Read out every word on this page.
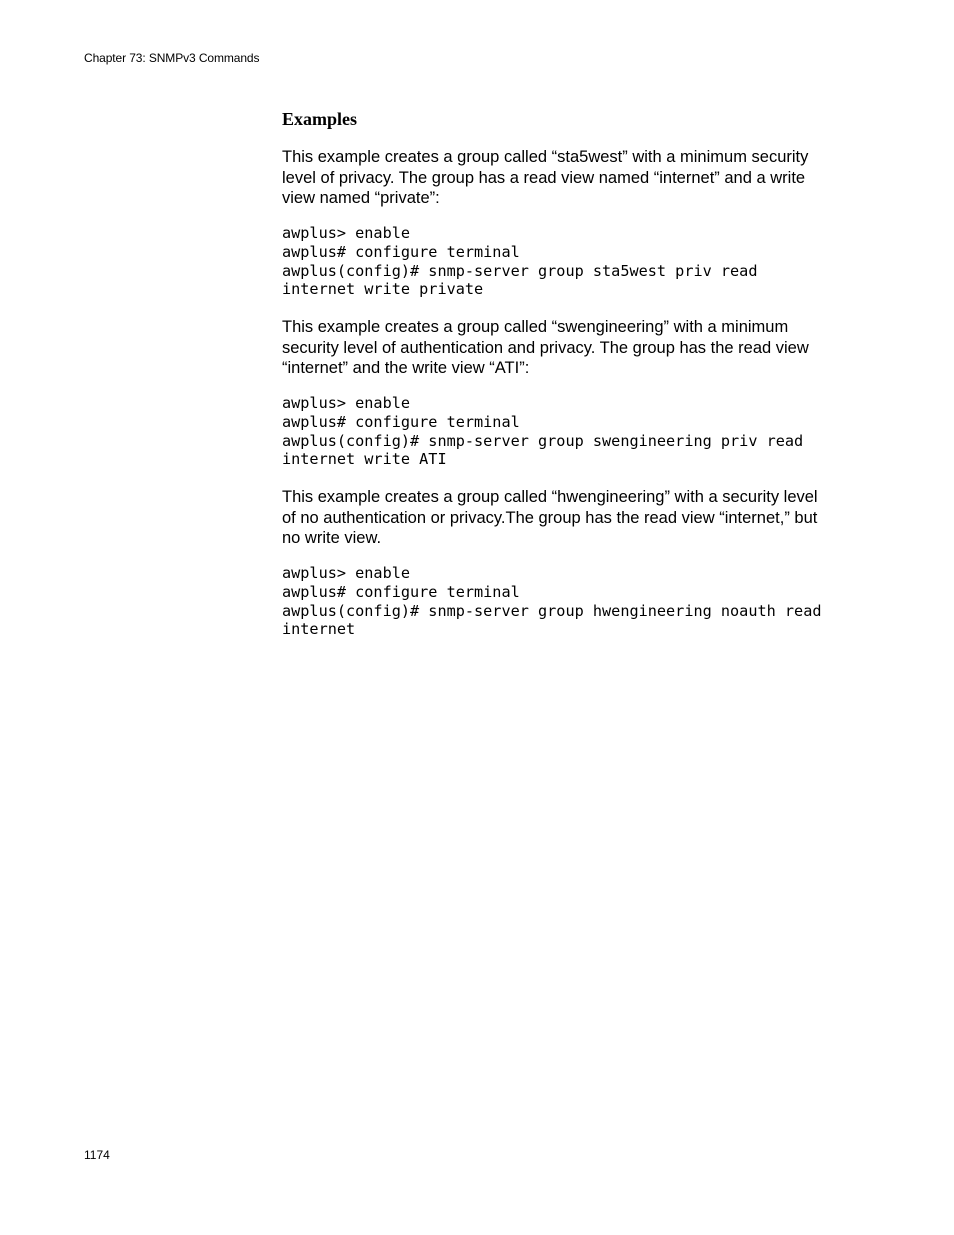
Chapter 73: SNMPv3 Commands
Examples

This example creates a group called “sta5west” with a minimum security
level of privacy. The group has a read view named “internet” and a write
view named “private”:

awplus> enable
awplus# configure terminal
awplus(config)# snmp-server group sta5west priv read
internet write private

This example creates a group called “swengineering” with a minimum
security level of authentication and privacy. The group has the read view
“internet” and the write view “ATI”:

awplus> enable
awplus# configure terminal
awplus(config)# snmp-server group swengineering priv read
internet write ATI

This example creates a group called “hwengineering” with a security level
of no authentication or privacy.The group has the read view “internet,” but
no write view.

awplus> enable
awplus# configure terminal
awplus(config)# snmp-server group hwengineering noauth read
internet
1174
